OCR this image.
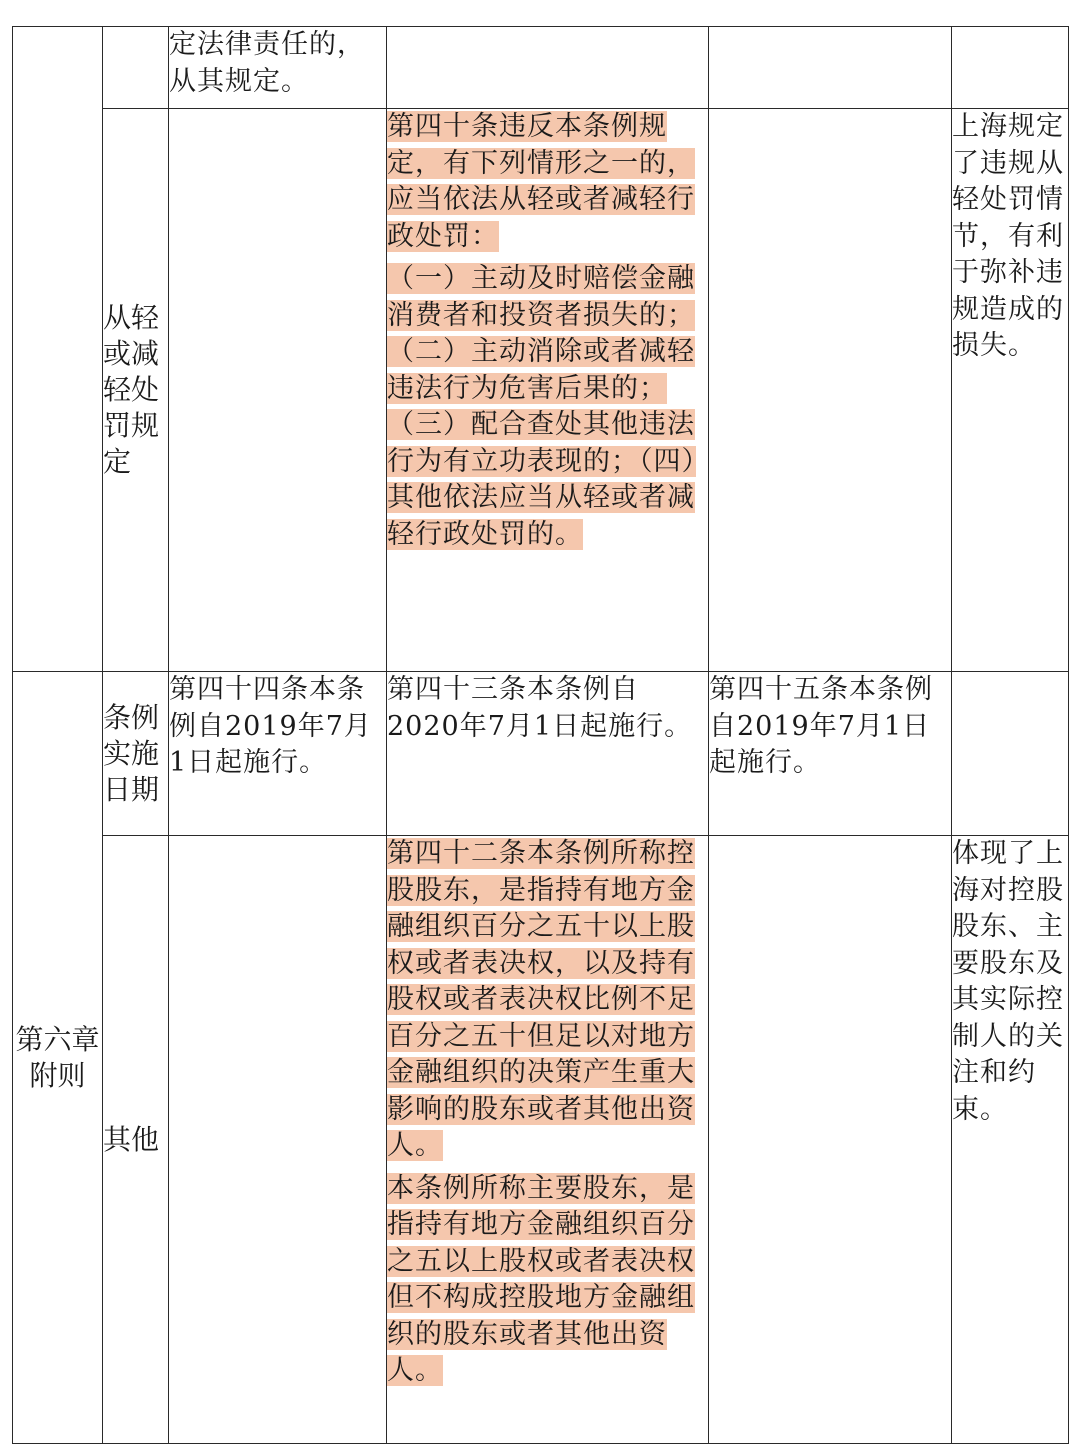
		定法律责任的，从其规定。			

	从轻或减轻处罚规定		第四十条违反本条例规定，有下列情形之一的，应当依法从轻或者减轻行政处罚：
（一）主动及时赔偿金融消费者和投资者损失的；（二）主动消除或者减轻违法行为危害后果的；（三）配合查处其他违法行为有立功表现的；（四）其他依法应当从轻或者减轻行政处罚的。		上海规定了违规从轻处罚情节，有利于弥补违规造成的损失。

第六章附则	条例实施日期	第四十四条本条例自2019年7月1日起施行。	第四十三条本条例自2020年7月1日起施行。	第四十五条本条例自2019年7月1日起施行。	

	其他		第四十二条本条例所称控股股东，是指持有地方金融组织百分之五十以上股权或者表决权，以及持有股权或者表决权比例不足百分之五十但足以对地方金融组织的决策产生重大影响的股东或者其他出资人。
本条例所称主要股东，是指持有地方金融组织百分之五以上股权或者表决权但不构成控股地方金融组织的股东或者其他出资人。		体现了上海对控股股东、主要股东及其实际控制人的关注和约束。
